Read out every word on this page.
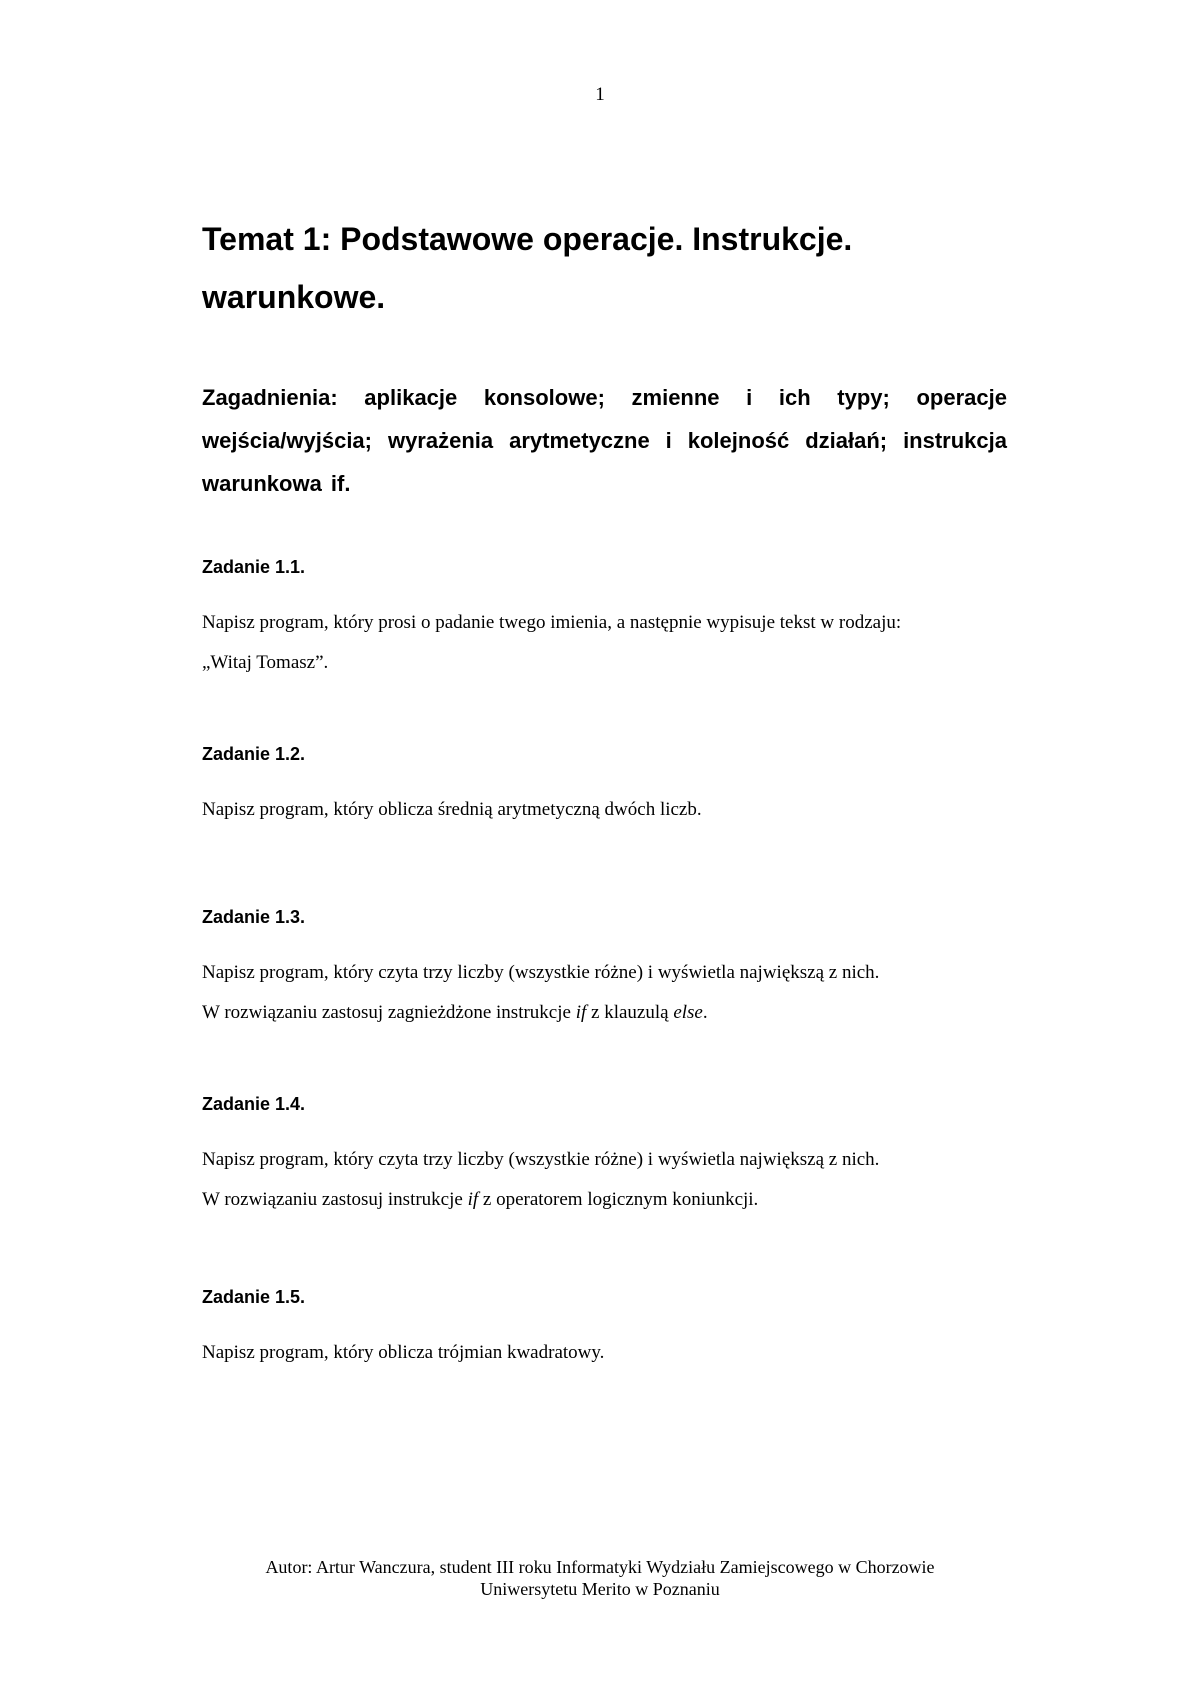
1
Temat 1: Podstawowe operacje. Instrukcje.
warunkowe.

Zagadnienia: aplikacje konsolowe; zmienne i ich typy; operacje wejścia/wyjścia; wyrażenia arytmetyczne i kolejność działań; instrukcja warunkowa if.

Zadanie 1.1.

Napisz program, który prosi o padanie twego imienia, a następnie wypisuje tekst w rodzaju:

„Witaj Tomasz”.

Zadanie 1.2.

Napisz program, który oblicza średnią arytmetyczną dwóch liczb.

Zadanie 1.3.

Napisz program, który czyta trzy liczby (wszystkie różne) i wyświetla największą z nich.

W rozwiązaniu zastosuj zagnieżdżone instrukcje if z klauzulą else.

Zadanie 1.4.

Napisz program, który czyta trzy liczby (wszystkie różne) i wyświetla największą z nich.

W rozwiązaniu zastosuj instrukcje if z operatorem logicznym koniunkcji.

Zadanie 1.5.

Napisz program, który oblicza trójmian kwadratowy.

Autor: Artur Wanczura, student III roku Informatyki Wydziału Zamiejscowego w Chorzowie

Uniwersytetu Merito w Poznaniu
